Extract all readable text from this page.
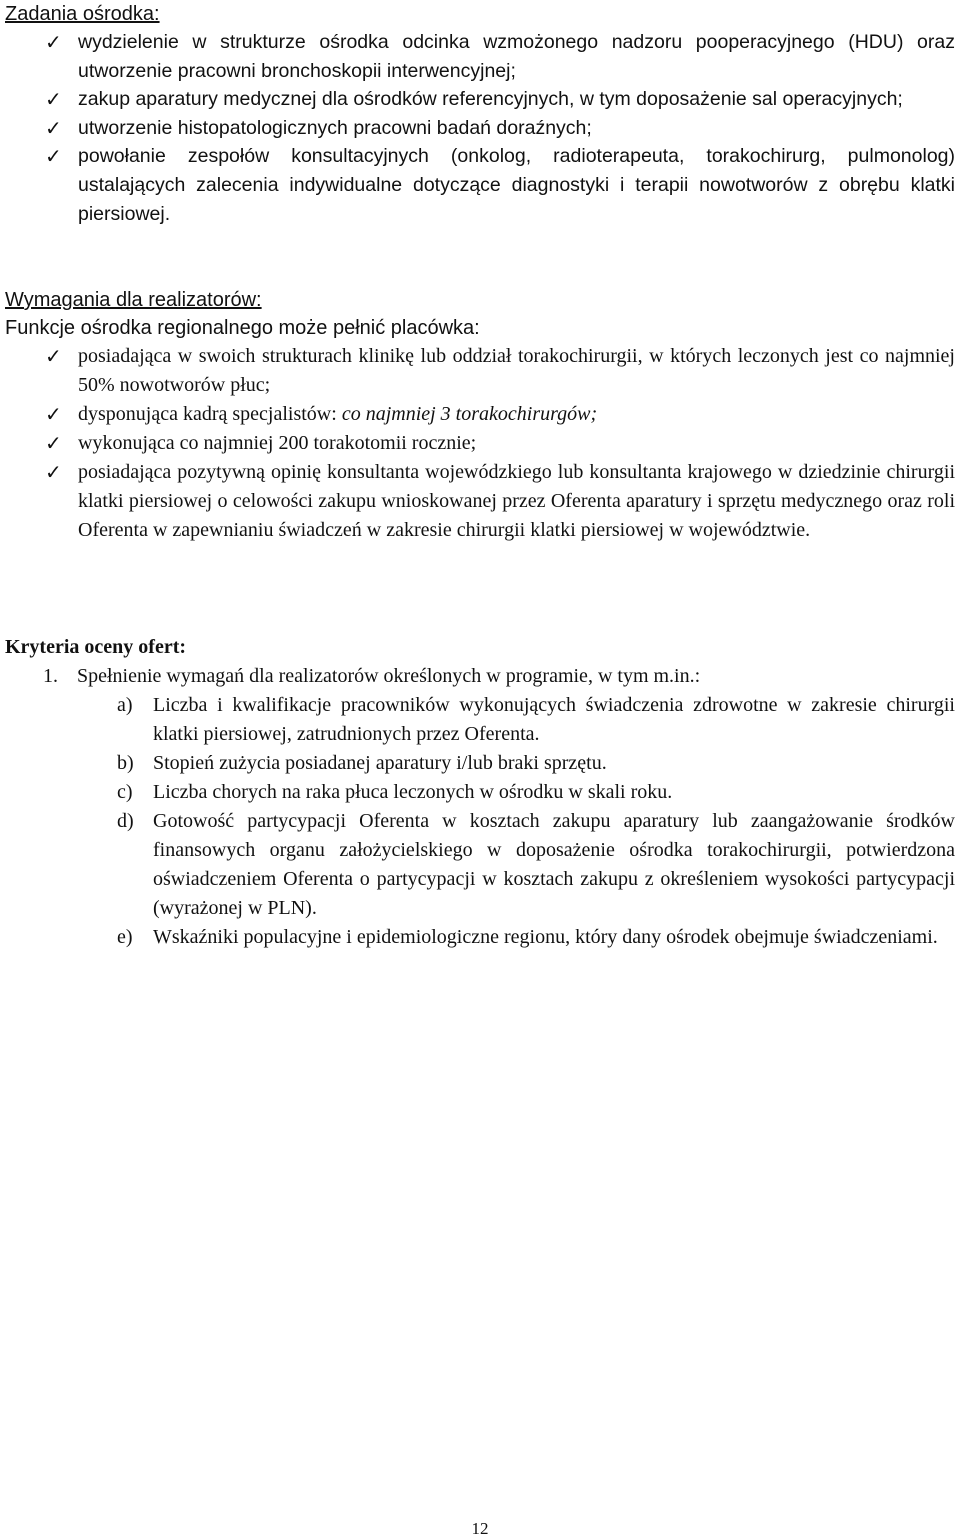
Zadania ośrodka:
✓ wydzielenie w strukturze ośrodka odcinka wzmożonego nadzoru pooperacyjnego (HDU) oraz utworzenie pracowni bronchoskopii interwencyjnej;
✓ zakup aparatury medycznej dla ośrodków referencyjnych, w tym doposażenie sal operacyjnych;
✓ utworzenie histopatologicznych pracowni badań doraźnych;
✓ powołanie zespołów konsultacyjnych (onkolog, radioterapeuta, torakochirurg, pulmonolog) ustalających zalecenia indywidualne dotyczące diagnostyki i terapii nowotworów z obrębu klatki piersiowej.
Wymagania dla realizatorów:
Funkcje ośrodka regionalnego może pełnić placówka:
✓ posiadająca w swoich strukturach klinikę lub oddział torakochirurgii, w których leczonych jest co najmniej 50% nowotworów płuc;
✓ dysponująca kadrą specjalistów: co najmniej 3 torakochirurgów;
✓ wykonująca co najmniej 200 torakotomii rocznie;
✓ posiadająca pozytywną opinię konsultanta wojewódzkiego lub konsultanta krajowego w dziedzinie chirurgii klatki piersiowej o celowości zakupu wnioskowanej przez Oferenta aparatury i sprzętu medycznego oraz roli Oferenta w zapewnianiu świadczeń w zakresie chirurgii klatki piersiowej w województwie.
Kryteria oceny ofert:
1. Spełnienie wymagań dla realizatorów określonych w programie, w tym m.in.:
a) Liczba i kwalifikacje pracowników wykonujących świadczenia zdrowotne w zakresie chirurgii klatki piersiowej, zatrudnionych przez Oferenta.
b) Stopień zużycia posiadanej aparatury i/lub braki sprzętu.
c) Liczba chorych na raka płuca leczonych w ośrodku w skali roku.
d) Gotowość partycypacji Oferenta w kosztach zakupu aparatury lub zaangażowanie środków finansowych organu założycielskiego w doposażenie ośrodka torakochirurgii, potwierdzona oświadczeniem Oferenta o partycypacji w kosztach zakupu z określeniem wysokości partycypacji (wyrażonej w PLN).
e) Wskaźniki populacyjne i epidemiologiczne regionu, który dany ośrodek obejmuje świadczeniami.
12
